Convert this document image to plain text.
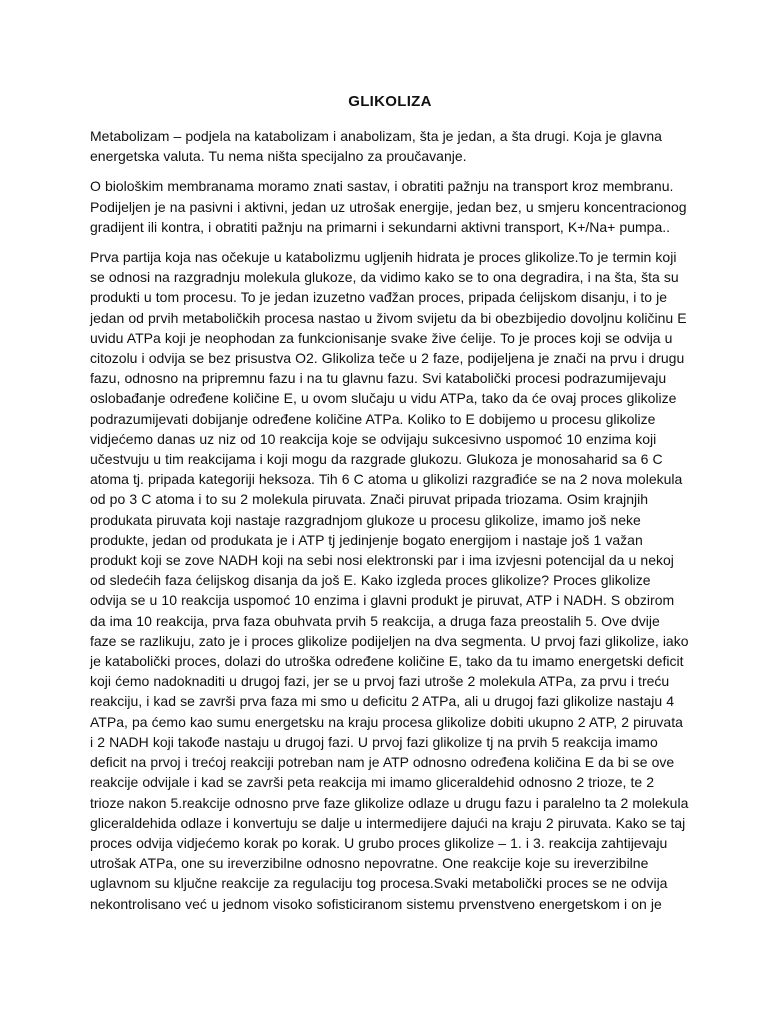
GLIKOLIZA

Metabolizam – podjela na katabolizam i anabolizam, šta je jedan, a šta drugi. Koja je glavna energetska valuta. Tu nema ništa specijalno za proučavanje.

O biološkim membranama moramo znati sastav, i obratiti pažnju na transport kroz membranu. Podijeljen je na pasivni i aktivni, jedan uz utrošak energije, jedan bez, u smjeru koncentracionog gradijent ili kontra, i obratiti pažnju na primarni i sekundarni aktivni transport, K+/Na+ pumpa..

Prva partija koja nas očekuje u katabolizmu ugljenih hidrata je proces glikolize.To je termin koji se odnosi na razgradnju molekula glukoze, da vidimo kako se to ona degradira, i na šta, šta su produkti u tom procesu. To je jedan izuzetno vađžan proces, pripada ćelijskom disanju, i to je jedan od prvih metaboličkih procesa nastao u živom svijetu da bi obezbijedio dovoljnu količinu E uvidu ATPa koji je neophodan za funkcionisanje svake žive ćelije. To je proces koji se odvija u citozolu i odvija se bez prisustva O2. Glikoliza teče u 2 faze, podijeljena je znači na prvu i drugu fazu, odnosno na pripremnu fazu i na tu glavnu fazu. Svi katabolički procesi podrazumijevaju oslobađanje određene količine E, u ovom slučaju u vidu ATPa, tako da će ovaj proces glikolize podrazumijevati dobijanje određene količine ATPa. Koliko to E dobijemo u procesu glikolize vidjećemo danas uz niz od 10 reakcija koje se odvijaju sukcesivno uspomoć 10 enzima koji učestvuju u tim reakcijama i koji mogu da razgrade glukozu. Glukoza je monosaharid sa 6 C atoma tj. pripada kategoriji heksoza. Tih 6 C atoma u glikolizi razgrađiće se na 2 nova molekula od po 3 C atoma i to su 2 molekula piruvata. Znači piruvat pripada triozama. Osim krajnjih produkata piruvata koji nastaje razgradnjom glukoze u procesu glikolize, imamo još neke produkte, jedan od produkata je i ATP tj jedinjenje bogato energijom i nastaje još 1 važan produkt koji se zove NADH koji na sebi nosi elektronski par i ima izvjesni potencijal da u nekoj od sledećih faza ćelijskog disanja da još E. Kako izgleda proces glikolize? Proces glikolize odvija se u 10 reakcija uspomoć 10 enzima i glavni produkt je piruvat, ATP i NADH. S obzirom da ima 10 reakcija, prva faza obuhvata prvih 5 reakcija, a druga faza preostalih 5. Ove dvije faze se razlikuju, zato je i proces glikolize podijeljen na dva segmenta. U prvoj fazi glikolize, iako je katabolički proces, dolazi do utroška određene količine E, tako da tu imamo energetski deficit koji ćemo nadoknaditi u drugoj fazi, jer se u prvoj fazi utroše 2 molekula ATPa, za prvu i treću reakciju, i kad se završi prva faza mi smo u deficitu 2 ATPa, ali u drugoj fazi glikolize nastaju 4 ATPa, pa ćemo kao sumu energetsku na kraju procesa glikolize dobiti ukupno 2 ATP, 2 piruvata i 2 NADH koji takođe nastaju u drugoj fazi. U prvoj fazi glikolize tj na prvih 5 reakcija imamo deficit na prvoj i trećoj reakciji potreban nam je ATP odnosno određena količina E da bi se ove reakcije odvijale i kad se završi peta reakcija mi imamo gliceraldehid odnosno 2 trioze, te 2 trioze nakon 5.reakcije odnosno prve faze glikolize odlaze u drugu fazu i paralelno ta 2 molekula gliceraldehida odlaze i konvertuju se dalje u intermedijere dajući na kraju 2 piruvata. Kako se taj proces odvija vidjećemo korak po korak. U grubo proces glikolize – 1. i 3. reakcija zahtijevaju utrošak ATPa, one su ireverzibilne odnosno nepovratne. One reakcije koje su ireverzibilne uglavnom su ključne reakcije za regulaciju tog procesa.Svaki metabolički proces se ne odvija nekontrolisano već u jednom visoko sofisticiranom sistemu prvenstveno energetskom i on je
